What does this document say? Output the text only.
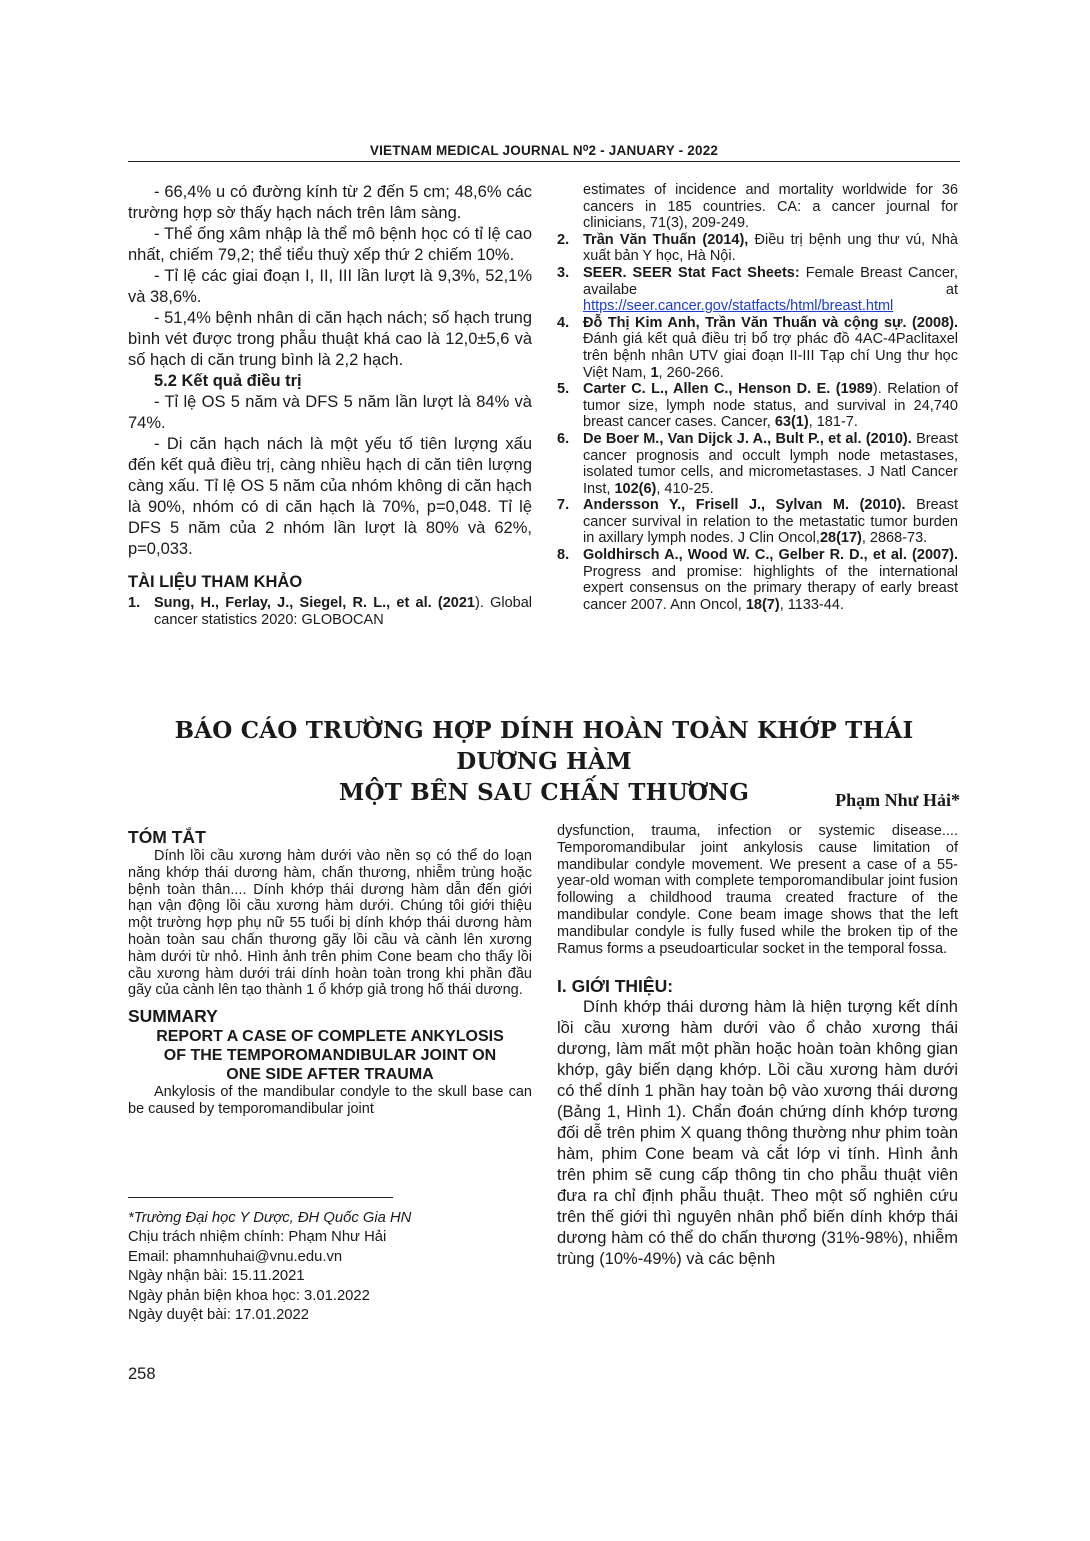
VIETNAM MEDICAL JOURNAL N⁰2 - JANUARY - 2022

- 66,4% u có đường kính từ 2 đến 5 cm; 48,6% các trường hợp sờ thấy hạch nách trên lâm sàng.

- Thể ống xâm nhập là thể mô bệnh học có tỉ lệ cao nhất, chiếm 79,2; thể tiểu thuỳ xếp thứ 2 chiếm 10%.

- Tỉ lệ các giai đoạn I, II, III lần lượt là 9,3%, 52,1% và 38,6%.

- 51,4% bệnh nhân di căn hạch nách; số hạch trung bình vét được trong phẫu thuật khá cao là 12,0±5,6 và số hạch di căn trung bình là 2,2 hạch.

5.2 Kết quả điều trị

- Tỉ lệ OS 5 năm và DFS 5 năm lần lượt là 84% và 74%.

- Di căn hạch nách là một yếu tố tiên lượng xấu đến kết quả điều trị, càng nhiều hạch di căn tiên lượng càng xấu. Tỉ lệ OS 5 năm của nhóm không di căn hạch là 90%, nhóm có di căn hạch là 70%, p=0,048. Tỉ lệ DFS 5 năm của 2 nhóm lần lượt là 80% và 62%, p=0,033.

TÀI LIỆU THAM KHẢO

1. Sung, H., Ferlay, J., Siegel, R. L., et al. (2021). Global cancer statistics 2020: GLOBOCAN
estimates of incidence and mortality worldwide for 36 cancers in 185 countries. CA: a cancer journal for clinicians, 71(3), 209-249.
2. Trần Văn Thuấn (2014), Điều trị bệnh ung thư vú, Nhà xuất bản Y học, Hà Nội.
3. SEER. SEER Stat Fact Sheets: Female Breast Cancer, availabe at https://seer.cancer.gov/statfacts/html/breast.html
4. Đỗ Thị Kim Anh, Trần Văn Thuấn và cộng sự. (2008). Đánh giá kết quả điều trị bổ trợ phác đồ 4AC-4Paclitaxel trên bệnh nhân UTV giai đoạn II-III Tạp chí Ung thư học Việt Nam, 1, 260-266.
5. Carter C. L., Allen C., Henson D. E. (1989). Relation of tumor size, lymph node status, and survival in 24,740 breast cancer cases. Cancer, 63(1), 181-7.
6. De Boer M., Van Dijck J. A., Bult P., et al. (2010). Breast cancer prognosis and occult lymph node metastases, isolated tumor cells, and micrometastases. J Natl Cancer Inst, 102(6), 410-25.
7. Andersson Y., Frisell J., Sylvan M. (2010). Breast cancer survival in relation to the metastatic tumor burden in axillary lymph nodes. J Clin Oncol,28(17), 2868-73.
8. Goldhirsch A., Wood W. C., Gelber R. D., et al. (2007). Progress and promise: highlights of the international expert consensus on the primary therapy of early breast cancer 2007. Ann Oncol, 18(7), 1133-44.
BÁO CÁO TRƯỜNG HỢP DÍNH HOÀN TOÀN KHỚP THÁI DƯƠNG HÀM
MỘT BÊN SAU CHẤN THƯƠNG	Phạm Như Hải*

TÓM TẮT

Dính lồi cầu xương hàm dưới vào nền sọ có thể do loạn năng khớp thái dương hàm, chấn thương, nhiễm trùng hoặc bệnh toàn thân.... Dính khớp thái dương hàm dẫn đến giới hạn vận động lồi cầu xương hàm dưới. Chúng tôi giới thiệu một trường hợp phụ nữ 55 tuổi bị dính khớp thái dương hàm hoàn toàn sau chấn thương gãy lồi cầu và cành lên xương hàm dưới từ nhỏ. Hình ảnh trên phim Cone beam cho thấy lồi cầu xương hàm dưới trái dính hoàn toàn trong khi phần đầu gãy của cành lên tạo thành 1 ổ khớp giả trong hố thái dương.

SUMMARY

REPORT A CASE OF COMPLETE ANKYLOSIS

OF THE TEMPOROMANDIBULAR JOINT ON

ONE SIDE AFTER TRAUMA

Ankylosis of the mandibular condyle to the skull base can be caused by temporomandibular joint

*Trường Đại học Y Dược, ĐH Quốc Gia HN

Chịu trách nhiệm chính: Phạm Như Hải

Email: phamnhuhai@vnu.edu.vn

Ngày nhận bài: 15.11.2021

Ngày phản biện khoa học: 3.01.2022

Ngày duyệt bài: 17.01.2022

dysfunction, trauma, infection or systemic disease.... Temporomandibular joint ankylosis cause limitation of mandibular condyle movement. We present a case of a 55-year-old woman with complete temporomandibular joint fusion following a childhood trauma created fracture of the mandibular condyle. Cone beam image shows that the left mandibular condyle is fully fused while the broken tip of the Ramus forms a pseudoarticular socket in the temporal fossa.

I. GIỚI THIỆU:

Dính khớp thái dương hàm là hiện tượng kết dính lồi cầu xương hàm dưới vào ổ chảo xương thái dương, làm mất một phần hoặc hoàn toàn không gian khớp, gây biến dạng khớp. Lồi cầu xương hàm dưới có thể dính 1 phần hay toàn bộ vào xương thái dương (Bảng 1, Hình 1). Chẩn đoán chứng dính khớp tương đối dễ trên phim X quang thông thường như phim toàn hàm, phim Cone beam và cắt lớp vi tính. Hình ảnh trên phim sẽ cung cấp thông tin cho phẫu thuật viên đưa ra chỉ định phẫu thuật. Theo một số nghiên cứu trên thế giới thì nguyên nhân phổ biến dính khớp thái dương hàm có thể do chấn thương (31%-98%), nhiễm trùng (10%-49%) và các bệnh

258
